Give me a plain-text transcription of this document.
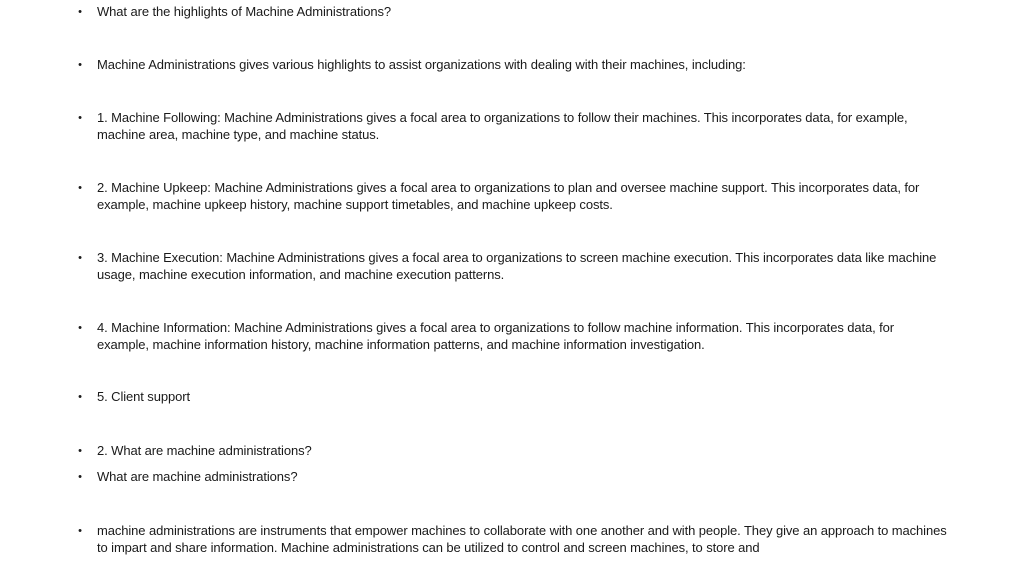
• What are the highlights of Machine Administrations?
• Machine Administrations gives various highlights to assist organizations with dealing with their machines, including:
• 1. Machine Following: Machine Administrations gives a focal area to organizations to follow their machines. This incorporates data, for example, machine area, machine type, and machine status.
• 2. Machine Upkeep: Machine Administrations gives a focal area to organizations to plan and oversee machine support. This incorporates data, for example, machine upkeep history, machine support timetables, and machine upkeep costs.
• 3. Machine Execution: Machine Administrations gives a focal area to organizations to screen machine execution. This incorporates data like machine usage, machine execution information, and machine execution patterns.
• 4. Machine Information: Machine Administrations gives a focal area to organizations to follow machine information. This incorporates data, for example, machine information history, machine information patterns, and machine information investigation.
• 5. Client support
• 2. What are machine administrations?
• What are machine administrations?
• machine administrations are instruments that empower machines to collaborate with one another and with people. They give an approach to machines to impart and share information. Machine administrations can be utilized to control and screen machines, to store and
